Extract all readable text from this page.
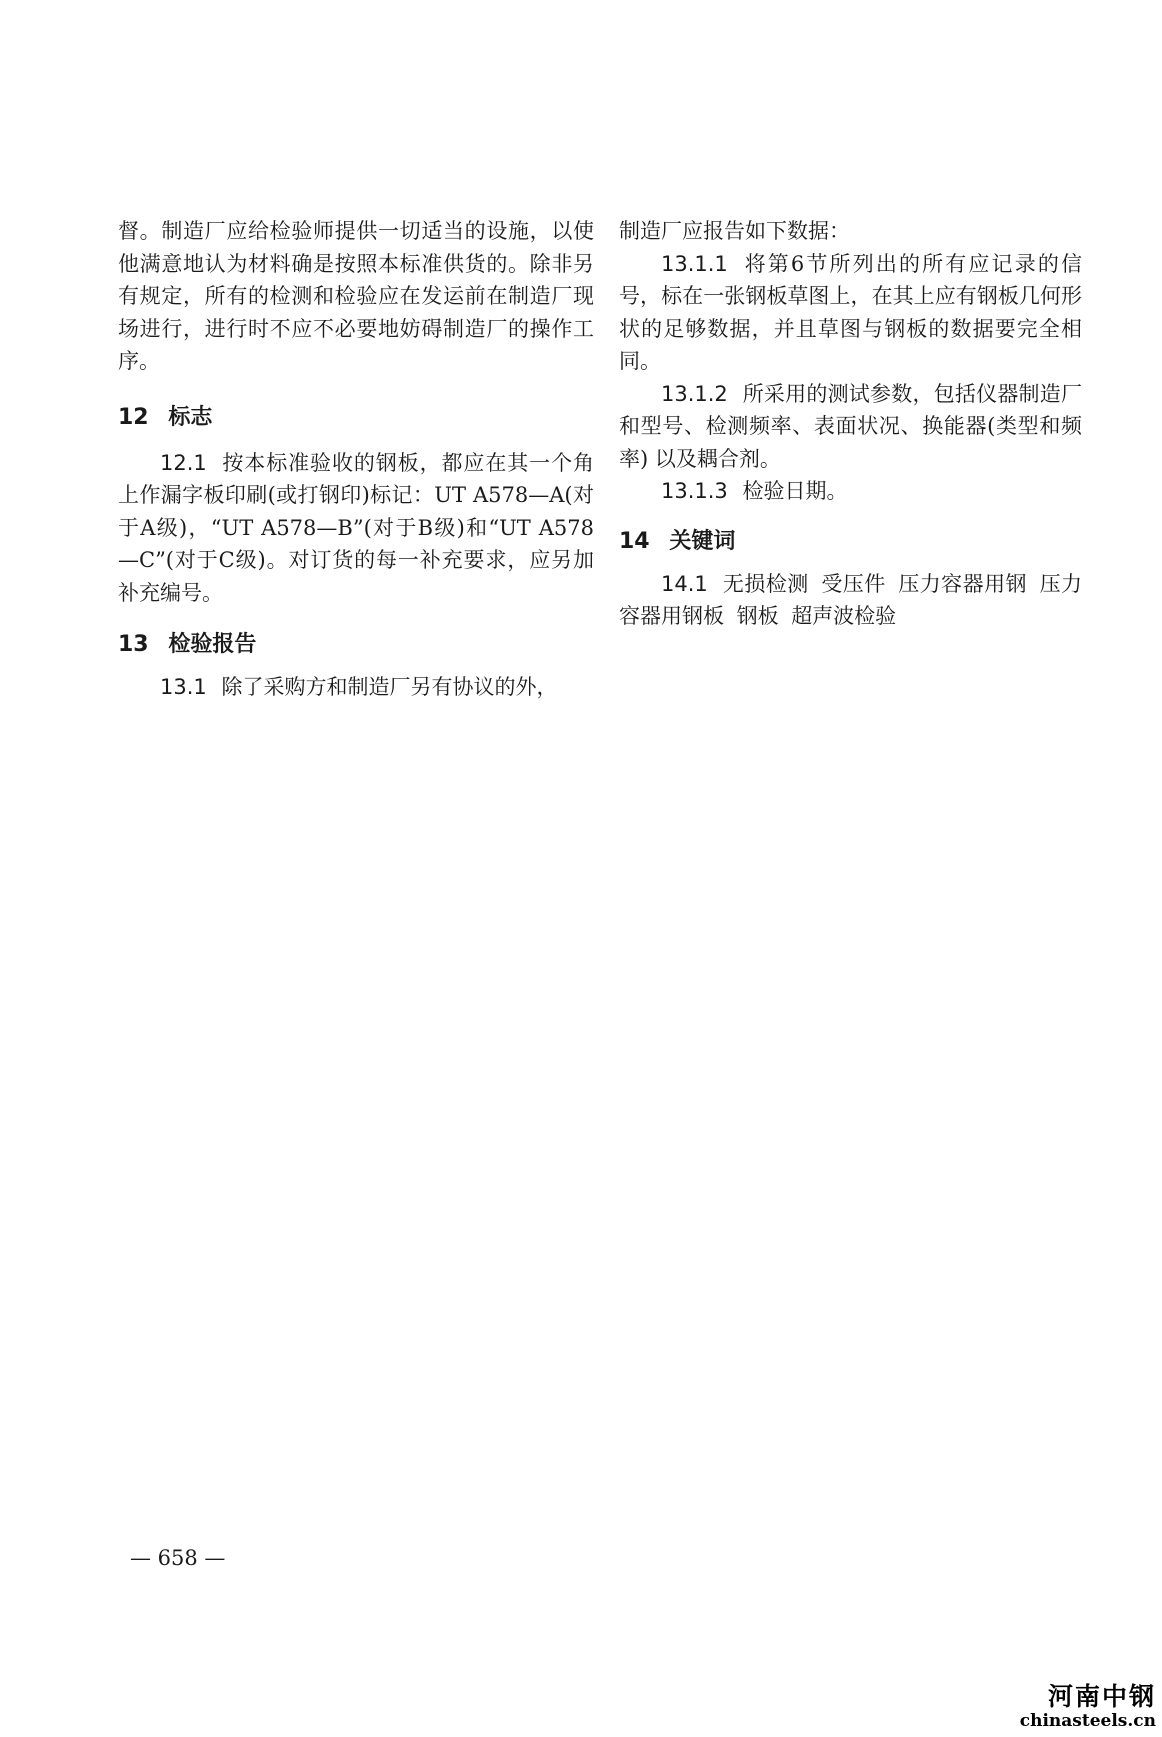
督。制造厂应给检验师提供一切适当的设施，以使他满意地认为材料确是按照本标准供货的。除非另有规定，所有的检测和检验应在发运前在制造厂现场进行，进行时不应不必要地妨碍制造厂的操作工序。

12 标志

12.1 按本标准验收的钢板，都应在其一个角上作漏字板印刷(或打钢印)标记：UT A578—A(对于A级)，“UT A578—B”(对于B级)和“UT A578—C”(对于C级)。对订货的每一补充要求，应另加补充编号。

13 检验报告

13.1 除了采购方和制造厂另有协议的外，

制造厂应报告如下数据：

13.1.1 将第6节所列出的所有应记录的信号，标在一张钢板草图上，在其上应有钢板几何形状的足够数据，并且草图与钢板的数据要完全相同。

13.1.2 所采用的测试参数，包括仪器制造厂和型号、检测频率、表面状况、换能器(类型和频率) 以及耦合剂。

13.1.3 检验日期。

14 关键词

14.1 无损检测 受压件 压力容器用钢 压力容器用钢板 钢板 超声波检验

— 658 —
河南中钢
chinasteels.cn
